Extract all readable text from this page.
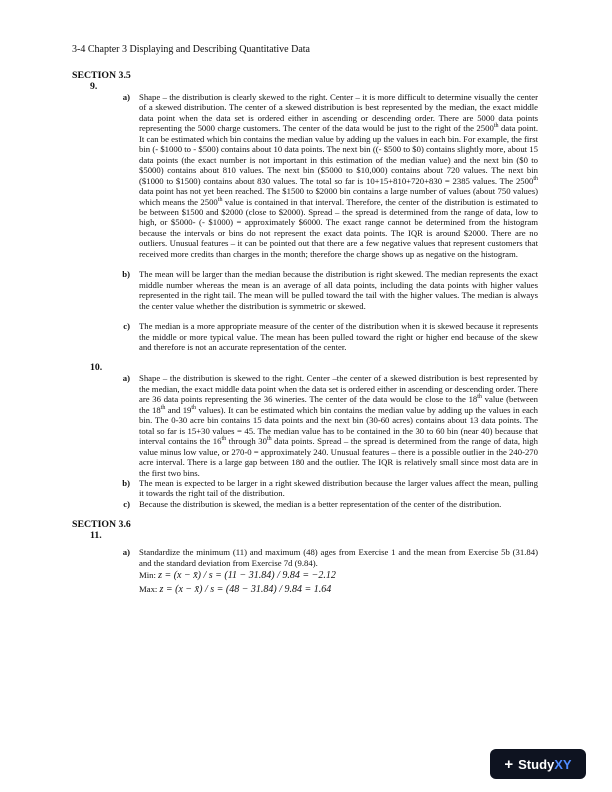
3-4 Chapter 3 Displaying and Describing Quantitative Data
SECTION 3.5
9.
a) Shape – the distribution is clearly skewed to the right. Center – it is more difficult to determine visually the center of a skewed distribution. The center of a skewed distribution is best represented by the median, the exact middle data point when the data set is ordered either in ascending or descending order. There are 5000 data points representing the 5000 charge customers. The center of the data would be just to the right of the 2500th data point. It can be estimated which bin contains the median value by adding up the values in each bin. For example, the first bin (- $1000 to - $500) contains about 10 data points. The next bin ((- $500 to $0) contains slightly more, about 15 data points (the exact number is not important in this estimation of the median value) and the next bin ($0 to $5000) contains about 810 values. The next bin ($5000 to $10,000) contains about 720 values. The next bin ($1000 to $1500) contains about 830 values. The total so far is 10+15+810+720+830 = 2385 values. The 2500th data point has not yet been reached. The $1500 to $2000 bin contains a large number of values (about 750 values) which means the 2500th value is contained in that interval. Therefore, the center of the distribution is estimated to be between $1500 and $2000 (close to $2000). Spread – the spread is determined from the range of data, low to high, or $5000- (- $1000) = approximately $6000. The exact range cannot be determined from the histogram because the intervals or bins do not represent the exact data points. The IQR is around $2000. There are no outliers. Unusual features – it can be pointed out that there are a few negative values that represent customers that received more credits than charges in the month; therefore the charge shows up as negative on the histogram.

b) The mean will be larger than the median because the distribution is right skewed. The median represents the exact middle number whereas the mean is an average of all data points, including the data points with higher values represented in the right tail. The mean will be pulled toward the tail with the higher values. The median is always the center value whether the distribution is symmetric or skewed.

c) The median is a more appropriate measure of the center of the distribution when it is skewed because it represents the middle or more typical value. The mean has been pulled toward the right or higher end because of the skew and therefore is not an accurate representation of the center.

10.
a) Shape – the distribution is skewed to the right. Center –the center of a skewed distribution is best represented by the median, the exact middle data point when the data set is ordered either in ascending or descending order. There are 36 data points representing the 36 wineries. The center of the data would be close to the 18th value (between the 18th and 19th values). It can be estimated which bin contains the median value by adding up the values in each bin. The 0-30 acre bin contains 15 data points and the next bin (30-60 acres) contains about 13 data points. The total so far is 15+30 values = 45. The median value has to be contained in the 30 to 60 bin (near 40) because that interval contains the 16th through 30th data points. Spread – the spread is determined from the range of data, high value minus low value, or 270-0 = approximately 240. Unusual features – there is a possible outlier in the 240-270 acre interval. There is a large gap between 180 and the outlier. The IQR is relatively small since most data are in the first two bins.

b) The mean is expected to be larger in a right skewed distribution because the larger values affect the mean, pulling it towards the right tail of the distribution.

c) Because the distribution is skewed, the median is a better representation of the center of the distribution.

SECTION 3.6
11.
a) Standardize the minimum (11) and maximum (48) ages from Exercise 1 and the mean from Exercise 5b (31.84) and the standard deviation from Exercise 7d (9.84).
Min: z = (x − x̄) / s = (11 − 31.84) / 9.84 = −2.12
Max: z = (x − x̄) / s = (48 − 31.84) / 9.84 = 1.64
+ StudyXY
